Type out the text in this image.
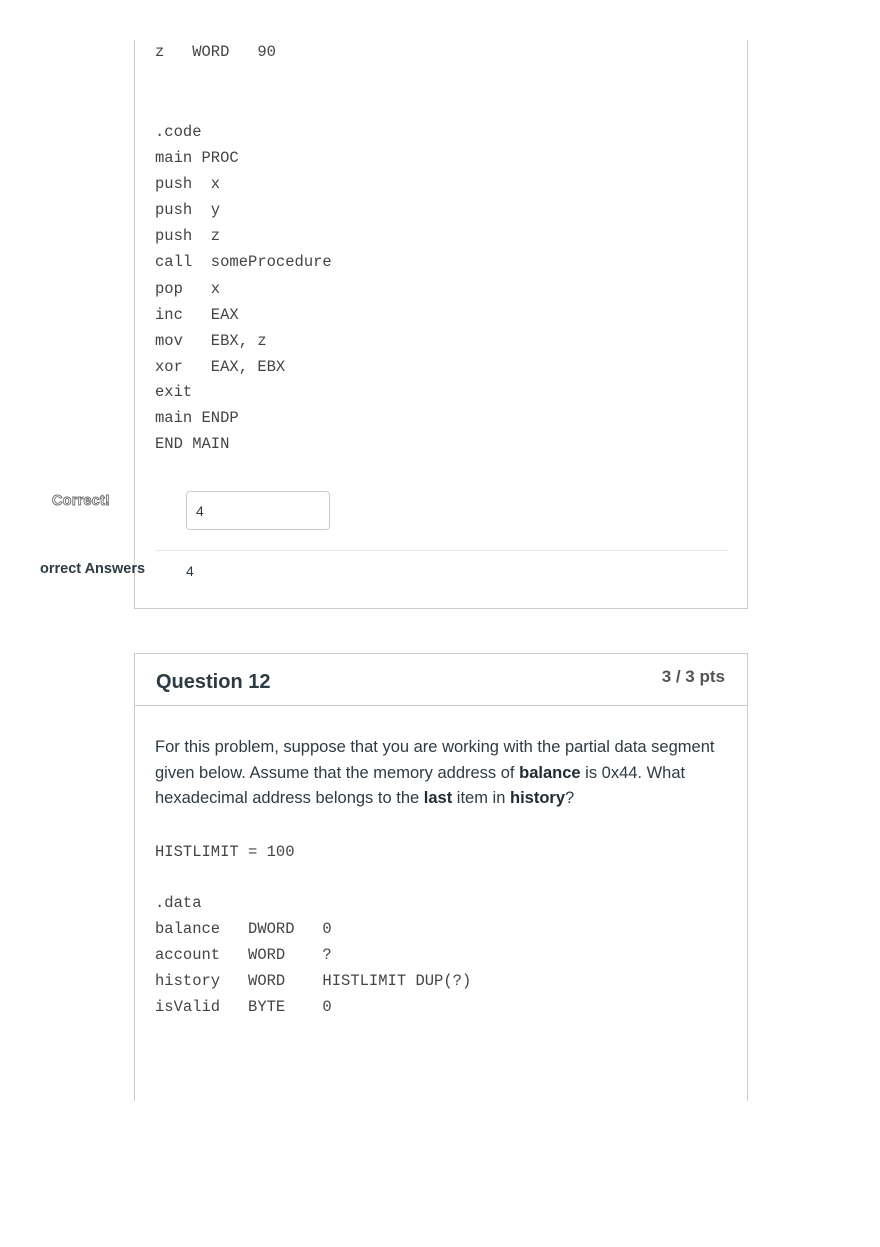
z   WORD   90
.code
main PROC
push  x
push  y
push  z
call  someProcedure
pop   x
inc   EAX
mov   EBX, z
xor   EAX, EBX
exit
main ENDP
END MAIN
Correct!
4
orrect Answers	4
Question 12	3 / 3 pts

For this problem, suppose that you are working with the partial data segment given below. Assume that the memory address of balance is 0x44. What hexadecimal address belongs to the last item in history?

HISTLIMIT = 100
.data
balance   DWORD   0
account   WORD    ?
history   WORD    HISTLIMIT DUP(?)
isValid   BYTE    0
